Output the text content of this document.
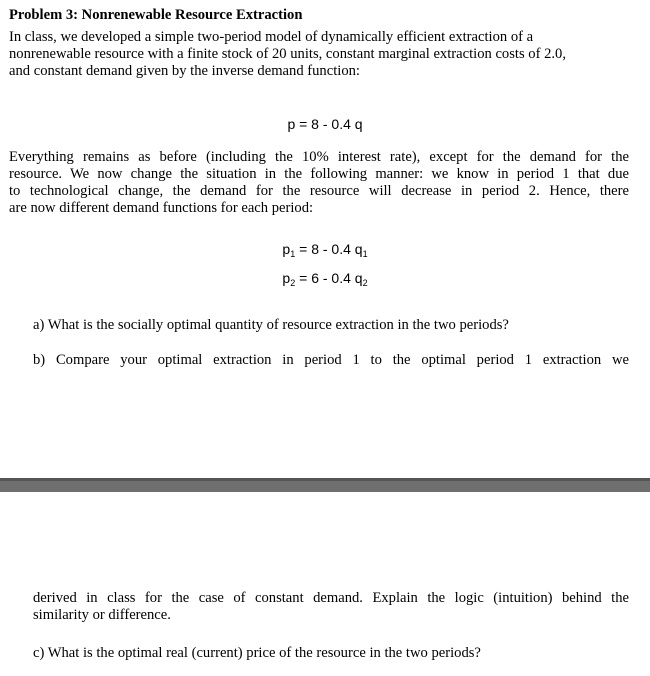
Problem 3: Nonrenewable Resource Extraction
In class, we developed a simple two-period model of dynamically efficient extraction of a
nonrenewable resource with a finite stock of 20 units, constant marginal extraction costs of 2.0,
and constant demand given by the inverse demand function:
p = 8 - 0.4 q
Everything remains as before (including the 10% interest rate), except for the demand for the
resource. We now change the situation in the following manner: we know in period 1 that due
to technological change, the demand for the resource will decrease in period 2. Hence, there
are now different demand functions for each period:
$p_1 = 8 - 0.4$ $q_1$
$p_2 = 6 - 0.4$ $q_2$
a) What is the socially optimal quantity of resource extraction in the two periods?
b) Compare your optimal extraction in period 1 to the optimal period 1 extraction we
derived in class for the case of constant demand. Explain the logic (intuition) behind the
similarity or difference.
c) What is the optimal real (current) price of the resource in the two periods?
